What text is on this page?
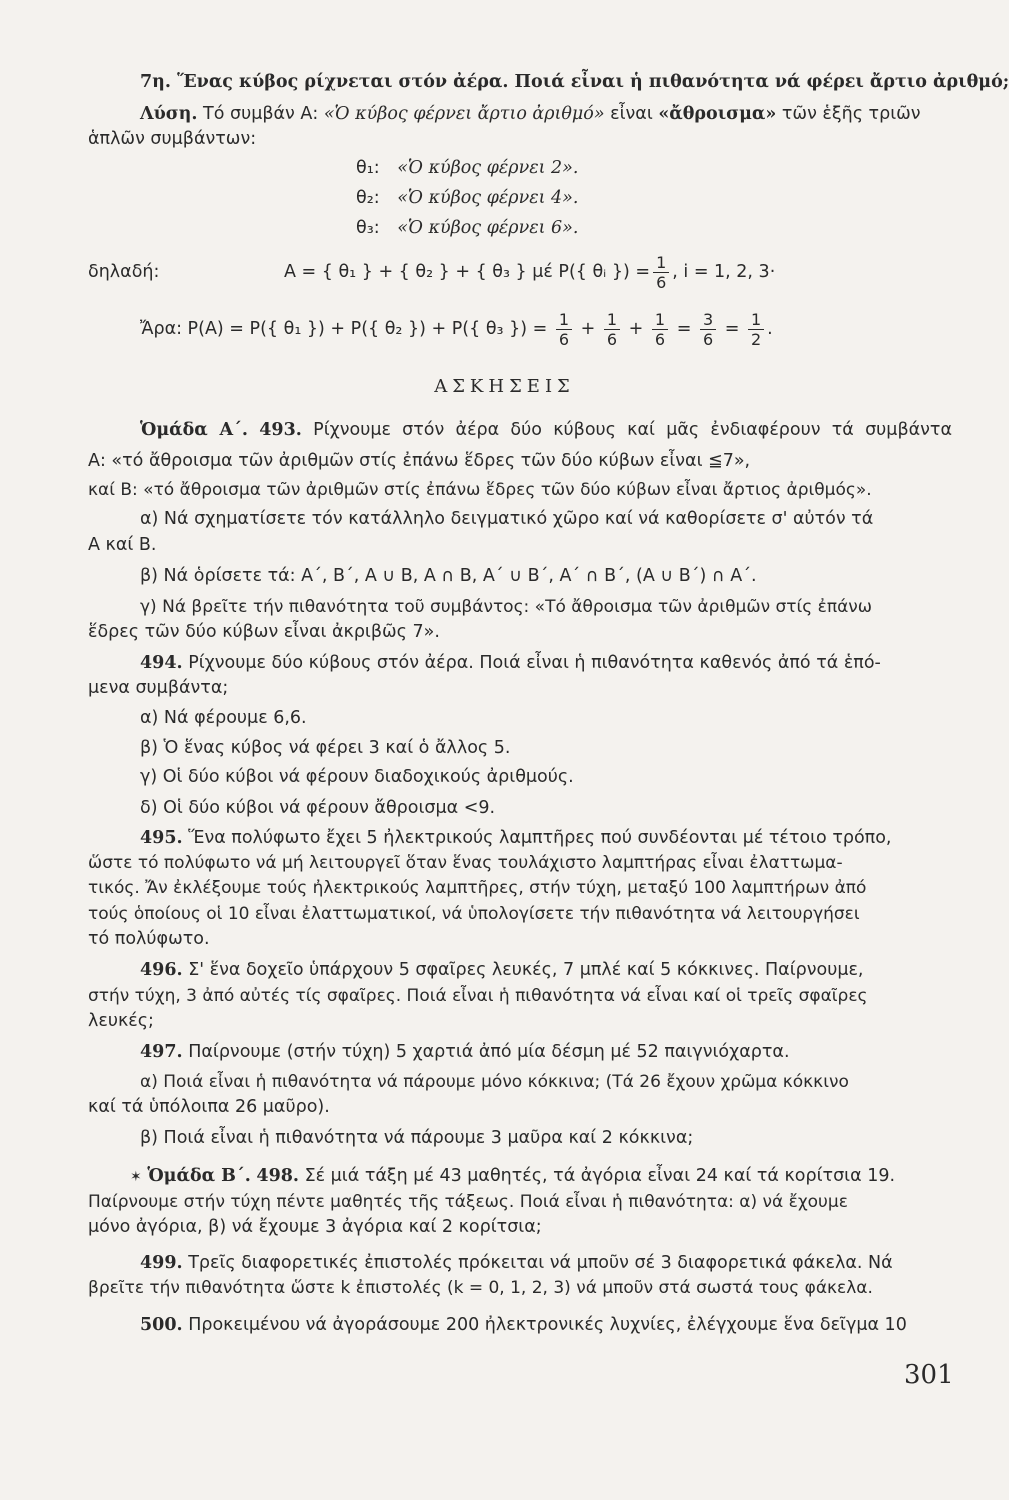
7η. Ἕνας κύβος ρίχνεται στόν ἀέρα. Ποιά εἶναι ἡ πιθανότητα νά φέρει ἄρτιο ἀριθμό;
Λύση. Τό συμβάν Α: «Ὁ κύβος φέρνει ἄρτιο ἀριθμό» εἶναι «ἄθροισμα» τῶν ἑξῆς τριῶν
ἁπλῶν συμβάντων:
θ₁: «Ὁ κύβος φέρνει 2».
θ₂: «Ὁ κύβος φέρνει 4».
θ₃: «Ὁ κύβος φέρνει 6».
δηλαδή:	Α = { θ₁ } + { θ₂ } + { θ₃ } μέ P({ θᵢ }) = $\frac{1}{6}$ , i = 1, 2, 3·
Ἄρα: P(A) = P({ θ₁ }) + P({ θ₂ }) + P({ θ₃ }) = $\frac{1}{6} + \frac{1}{6} + \frac{1}{6} = \frac{3}{6} = \frac{1}{2}$ .
ΑΣΚΗΣΕΙΣ
Ὁμάδα Α΄. 493. Ρίχνουμε στόν ἀέρα δύο κύβους καί μᾶς ἐνδιαφέρουν τά συμβάντα
Α: «τό ἄθροισμα τῶν ἀριθμῶν στίς ἐπάνω ἕδρες τῶν δύο κύβων εἶναι ≦7»,
καί Β: «τό ἄθροισμα τῶν ἀριθμῶν στίς ἐπάνω ἕδρες τῶν δύο κύβων εἶναι ἄρτιος ἀριθμός».
α) Νά σχηματίσετε τόν κατάλληλο δειγματικό χῶρο καί νά καθορίσετε σ' αὐτόν τά
Α καί Β.
β) Νά ὁρίσετε τά: Α΄, Β΄, Α ∪ Β, Α ∩ Β, Α΄ ∪ Β΄, Α΄ ∩ Β΄, (Α ∪ Β΄) ∩ Α΄.
γ) Νά βρεῖτε τήν πιθανότητα τοῦ συμβάντος: «Τό ἄθροισμα τῶν ἀριθμῶν στίς ἐπάνω
ἕδρες τῶν δύο κύβων εἶναι ἀκριβῶς 7».
494. Ρίχνουμε δύο κύβους στόν ἀέρα. Ποιά εἶναι ἡ πιθανότητα καθενός ἀπό τά ἑπό-
μενα συμβάντα;
α) Νά φέρουμε 6,6.
β) Ὁ ἕνας κύβος νά φέρει 3 καί ὁ ἄλλος 5.
γ) Οἱ δύο κύβοι νά φέρουν διαδοχικούς ἀριθμούς.
δ) Οἱ δύο κύβοι νά φέρουν ἄθροισμα <9.
495. Ἕνα πολύφωτο ἔχει 5 ἠλεκτρικούς λαμπτῆρες πού συνδέονται μέ τέτοιο τρόπο,
ὥστε τό πολύφωτο νά μή λειτουργεῖ ὅταν ἕνας τουλάχιστο λαμπτήρας εἶναι ἐλαττωμα-
τικός. Ἄν ἐκλέξουμε τούς ἠλεκτρικούς λαμπτῆρες, στήν τύχη, μεταξύ 100 λαμπτήρων ἀπό
τούς ὁποίους οἱ 10 εἶναι ἐλαττωματικοί, νά ὑπολογίσετε τήν πιθανότητα νά λειτουργήσει
τό πολύφωτο.
496. Σ' ἕνα δοχεῖο ὑπάρχουν 5 σφαῖρες λευκές, 7 μπλέ καί 5 κόκκινες. Παίρνουμε,
στήν τύχη, 3 ἀπό αὐτές τίς σφαῖρες. Ποιά εἶναι ἡ πιθανότητα νά εἶναι καί οἱ τρεῖς σφαῖρες
λευκές;
497. Παίρνουμε (στήν τύχη) 5 χαρτιά ἀπό μία δέσμη μέ 52 παιγνιόχαρτα.
α) Ποιά εἶναι ἡ πιθανότητα νά πάρουμε μόνο κόκκινα; (Τά 26 ἔχουν χρῶμα κόκκινο
καί τά ὑπόλοιπα 26 μαῦρο).
β) Ποιά εἶναι ἡ πιθανότητα νά πάρουμε 3 μαῦρα καί 2 κόκκινα;
✶ Ὁμάδα Β΄. 498. Σέ μιά τάξη μέ 43 μαθητές, τά ἀγόρια εἶναι 24 καί τά κορίτσια 19.
Παίρνουμε στήν τύχη πέντε μαθητές τῆς τάξεως. Ποιά εἶναι ἡ πιθανότητα: α) νά ἔχουμε
μόνο ἀγόρια, β) νά ἔχουμε 3 ἀγόρια καί 2 κορίτσια;
499. Τρεῖς διαφορετικές ἐπιστολές πρόκειται νά μποῦν σέ 3 διαφορετικά φάκελα. Νά
βρεῖτε τήν πιθανότητα ὥστε k ἐπιστολές (k = 0, 1, 2, 3) νά μποῦν στά σωστά τους φάκελα.
500. Προκειμένου νά ἀγοράσουμε 200 ἠλεκτρονικές λυχνίες, ἐλέγχουμε ἕνα δεῖγμα 10
301
